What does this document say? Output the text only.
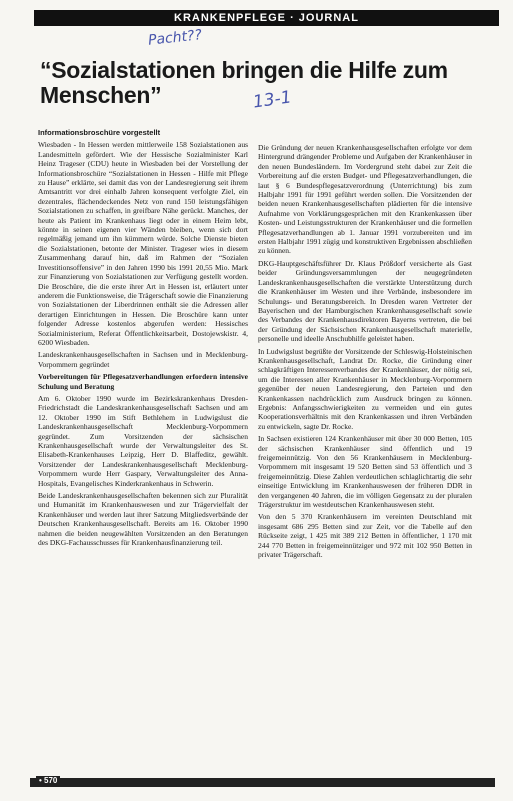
KRANKENPFLEGE · JOURNAL
Pacht??
13-1
“Sozialstationen bringen die Hilfe zum Menschen”

Informationsbroschüre vorgestellt

Wiesbaden - In Hessen werden mittlerweile 158 Sozialstationen aus Landesmitteln gefördert. Wie der Hessische Sozialminister Karl Heinz Trageser (CDU) heute in Wiesbaden bei der Vorstellung der Informationsbroschüre “Sozialstationen in Hessen - Hilfe mit Pflege zu Hause” erklärte, sei damit das von der Landesregierung seit ihrem Amtsantritt vor drei einhalb Jahren konsequent verfolgte Ziel, ein dezentrales, flächendeckendes Netz von rund 150 leistungsfähigen Sozialstationen zu schaffen, in greifbare Nähe gerückt. Manches, der heute als Patient im Krankenhaus liegt oder in einem Heim lebt, könnte in seinen eigenen vier Wänden bleiben, wenn sich dort regelmäßig jemand um ihn kümmern würde. Solche Dienste bieten die Sozialstationen, betonte der Minister. Trageser wies in diesem Zusammenhang darauf hin, daß im Rahmen der “Sozialen Investitionsoffensive” in den Jahren 1990 bis 1991 20,55 Mio. Mark zur Finanzierung von Sozialstationen zur Verfügung gestellt worden. Die Broschüre, die die erste ihrer Art in Hessen ist, erläutert unter anderem die Funktionsweise, die Trägerschaft sowie die Finanzierung von Sozialstationen der Liberdrinnen enthält sie die Adressen aller derartigen Einrichtungen in Hessen. Die Broschüre kann unter folgender Adresse kostenlos abgerufen werden: Hessisches Sozialministerium, Referat Öffentlichkeitsarbeit, Dostojewskistr. 4, 6200 Wiesbaden.

Landeskrankenhausgesellschaften in Sachsen und in Mecklenburg-Vorpommern gegründet

Vorbereitungen für Pflegesatzverhandlungen erfordern intensive Schulung und Beratung

Am 6. Oktober 1990 wurde im Bezirkskrankenhaus Dresden-Friedrichstadt die Landeskrankenhausgesellschaft Sachsen und am 12. Oktober 1990 im Stift Bethlehem in Ludwigslust die Landeskrankenhausgesellschaft Mecklenburg-Vorpommern gegründet. Zum Vorsitzenden der sächsischen Krankenhausgesellschaft wurde der Verwaltungsleiter des St. Elisabeth-Krankenhauses Leipzig, Herr D. Blaffeditz, gewählt. Vorsitzender der Landeskrankenhausgesellschaft Mecklenburg-Vorpommern wurde Herr Gaspary, Verwaltungsleiter des Anna-Hospitals, Evangelisches Kinderkrankenhaus in Schwerin.

Beide Landeskrankenhausgesellschaften bekennen sich zur Pluralität und Humanität im Krankenhauswesen und zur Trägervielfalt der Krankenhäuser und werden laut ihrer Satzung Mitgliedsverbände der Deutschen Krankenhausgesellschaft. Bereits am 16. Oktober 1990 nahmen die beiden neugewählten Vorsitzenden an den Beratungen des DKG-Fachausschusses für Krankenhausfinanzierung teil.

Die Gründung der neuen Krankenhausgesellschaften erfolgte vor dem Hintergrund drängender Probleme und Aufgaben der Krankenhäuser in den neuen Bundesländern. Im Vordergrund steht dabei zur Zeit die Vorbereitung auf die ersten Budget- und Pflegesatzverhandlungen, die laut § 6 Bundespflegesatzverordnung (Unterrichtung) bis zum Halbjahr 1991 für 1991 geführt werden sollen. Die Vorsitzenden der beiden neuen Krankenhausgesellschaften plädierten für die intensive Aufnahme von Vorklärungsgesprächen mit den Krankenkassen über Kosten- und Leistungsstrukturen der Krankenhäuser und die formellen Pflegesatzverhandlungen ab 1. Januar 1991 vorzubereiten und im ersten Halbjahr 1991 zügig und konstruktiven Ergebnissen abschließen zu können.

DKG-Hauptgeschäftsführer Dr. Klaus Prößdorf versicherte als Gast beider Gründungsversammlungen der neugegründeten Landeskrankenhausgesellschaften die verstärkte Unterstützung durch die Krankenhäuser im Westen und ihre Verbände, insbesondere im Schulungs- und Beratungsbereich. In Dresden waren Vertreter der Bayerischen und der Hamburgischen Krankenhausgesellschaft sowie des Verbandes der Krankenhausdirektoren Bayerns vertreten, die bei der Gründung der Sächsischen Krankenhausgesellschaft materielle, personelle und ideelle Anschubhilfe geleistet haben.

In Ludwigslust begrüßte der Vorsitzende der Schleswig-Holsteinischen Krankenhausgesellschaft, Landrat Dr. Rocke, die Gründung einer schlagkräftigen Interessenverbandes der Krankenhäuser, der nötig sei, um die Interessen aller Krankenhäuser in Mecklenburg-Vorpommern gegenüber der neuen Landesregierung, den Parteien und den Krankenkassen nachdrücklich zum Ausdruck bringen zu können. Ergebnis: Anfangsschwierigkeiten zu vermeiden und ein gutes Kooperationsverhältnis mit den Krankenkassen und ihren Verbänden zu entwickeln, sagte Dr. Rocke.

In Sachsen existieren 124 Krankenhäuser mit über 30 000 Betten, 105 der sächsischen Krankenhäuser sind öffentlich und 19 freigemeinnützig. Von den 56 Krankenhäusern in Mecklenburg-Vorpommern mit insgesamt 19 520 Betten sind 53 öffentlich und 3 freigemeinnützig. Diese Zahlen verdeutlichen schlaglichtartig die sehr einseitige Entwicklung im Krankenhauswesen der früheren DDR in den vergangenen 40 Jahren, die im völligen Gegensatz zu der pluralen Trägerstruktur im westdeutschen Krankenhauswesen steht.

Von den 5 370 Krankenhäusern im vereinten Deutschland mit insgesamt 686 295 Betten sind zur Zeit, vor die Tabelle auf den Rückseite zeigt, 1 425 mit 389 212 Betten in öffentlicher, 1 170 mit 244 770 Betten in freigemeinnütziger und 972 mit 102 950 Betten in privater Trägerschaft.

• 570
